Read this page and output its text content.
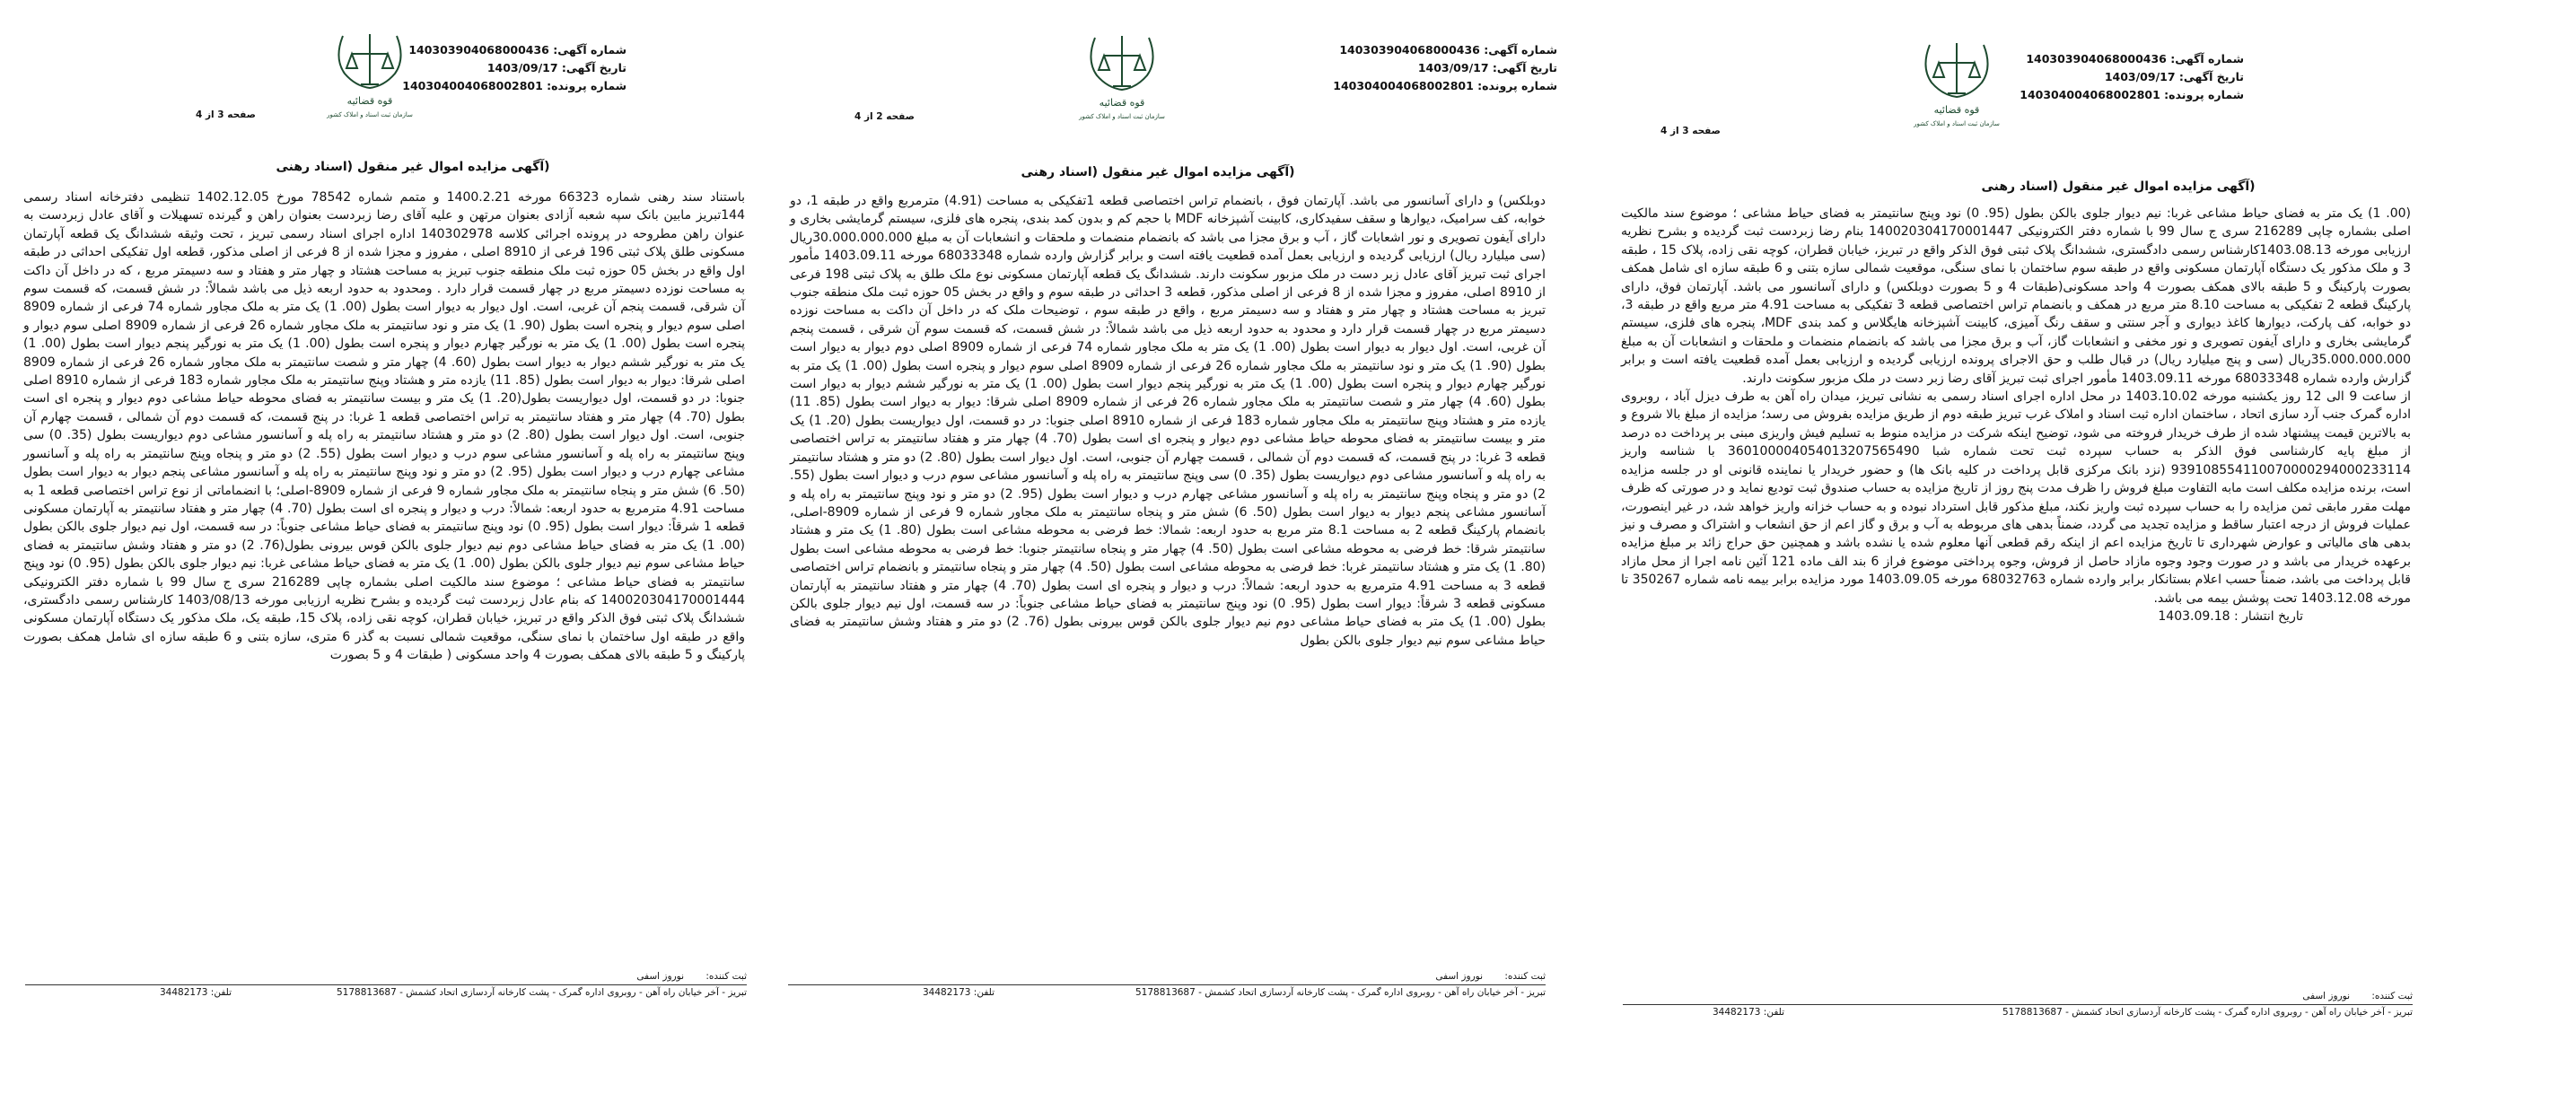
شماره آگهی: 140303904068000436
تاریخ آگهی: 1403/09/17
شماره پرونده: 140304004068002801
قوه قضائیه
سازمان ثبت اسناد و املاک کشور
صفحه 3 از 4
(آگهی مزایده اموال غیر منقول (اسناد رهنی
باستناد سند رهنی شماره 66323 مورخه 1400.2.21 و متمم شماره 78542 مورخ 1402.12.05 تنظیمی دفترخانه اسناد رسمی 144تبریز مابین بانک سپه شعبه آزادی بعنوان مرتهن و علیه آقای رضا زبردست بعنوان راهن و گیرنده تسهیلات و آقای عادل زبردست به عنوان راهن مطروحه در پرونده اجرائی کلاسه 140302978 اداره اجرای اسناد رسمی تبریز ، تحت وثیقه ششدانگ یک قطعه آپارتمان مسکونی طلق پلاک ثبتی 196 فرعی از 8910 اصلی ، مفروز و مجزا شده از 8 فرعی از اصلی مذکور، قطعه اول تفکیکی احداثی در طبقه اول واقع در بخش 05 حوزه ثبت ملک منطقه جنوب تبریز به مساحت هشتاد و چهار متر و هفتاد و سه دسیمتر مربع ، که در داخل آن داکت به مساحت نوزده دسیمتر مربع در چهار قسمت قرار دارد . ومحدود به حدود اربعه ذیل می باشد شمالاً: در شش قسمت، که قسمت سوم آن شرقی، قسمت پنجم آن غربی، است. اول دیوار به دیوار است بطول (00. 1) یک متر به ملک مجاور شماره 74 فرعی از شماره 8909 اصلی سوم دیوار و پنجره است بطول (90. 1) یک متر و نود سانتیمتر به ملک مجاور شماره 26 فرعی از شماره 8909 اصلی سوم دیوار و پنجره است بطول (00. 1) یک متر به نورگیر چهارم دیوار و پنجره است بطول (00. 1) یک متر به نورگیر پنجم دیوار است بطول (00. 1) یک متر به نورگیر ششم دیوار به دیوار است بطول (60. 4) چهار متر و شصت سانتیمتر به ملک مجاور شماره 26 فرعی از شماره 8909 اصلی شرقا: دیوار به دیوار است بطول (85. 11) یازده متر و هشتاد وپنج سانتیمتر به ملک مجاور شماره 183 فرعی از شماره 8910 اصلی جنوبا: در دو قسمت، اول دیواریست بطول(20. 1) یک متر و بیست سانتیمتر به فضای محوطه حیاط مشاعی دوم دیوار و پنجره ای است بطول (70. 4) چهار متر و هفتاد سانتیمتر به تراس اختصاصی قطعه 1 غربا: در پنج قسمت، که قسمت دوم آن شمالی ، قسمت چهارم آن جنوبی، است. اول دیوار است بطول (80. 2) دو متر و هشتاد سانتیمتر به راه پله و آسانسور مشاعی دوم دیواریست بطول (35. 0) سی وپنج سانتیمتر به راه پله و آسانسور مشاعی سوم درب و دیوار است بطول (55. 2) دو متر و پنجاه وپنج سانتیمتر به راه پله و آسانسور مشاعی چهارم درب و دیوار است بطول (95. 2) دو متر و نود وپنج سانتیمتر به راه پله و آسانسور مشاعی پنجم دیوار به دیوار است بطول (50. 6) شش متر و پنجاه سانتیمتر به ملک مجاور شماره 9 فرعی از شماره 8909-اصلی؛ با انضماماتی از نوع تراس اختصاصی قطعه 1 به مساحت 4.91 مترمربع به حدود اربعه: شمالاً: درب و دیوار و پنجره ای است بطول (70. 4) چهار متر و هفتاد سانتیمتر به آپارتمان مسکونی قطعه 1 شرقاً: دیوار است بطول (95. 0) نود وپنج سانتیمتر به فضای حیاط مشاعی جنوباً: در سه قسمت، اول نیم دیوار جلوی بالکن بطول (00. 1) یک متر به فضای حیاط مشاعی دوم نیم دیوار جلوی بالکن قوس بیرونی بطول(76. 2) دو متر و هفتاد وشش سانتیمتر به فضای حیاط مشاعی سوم نیم دیوار جلوی بالکن بطول (00. 1) یک متر به فضای حیاط مشاعی غربا: نیم دیوار جلوی بالکن بطول (95. 0) نود وپنج سانتیمتر به فضای حیاط مشاعی ؛ موضوع سند مالکیت اصلی بشماره چاپی 216289 سری ج سال 99 با شماره دفتر الکترونیکی 140020304170001444 که بنام عادل زبردست ثبت گردیده و بشرح نظریه ارزیابی مورخه 1403/08/13 کارشناس رسمی دادگستری، ششدانگ پلاک ثبتی فوق الذکر واقع در تبریز، خیابان قطران، کوچه نقی زاده، پلاک 15، طبقه یک، ملک مذکور یک دستگاه آپارتمان مسکونی واقع در طبقه اول ساختمان با نمای سنگی، موقعیت شمالی نسبت به گذر 6 متری، سازه بتنی و 6 طبقه سازه ای شامل همکف بصورت پارکینگ و 5 طبقه بالای همکف بصورت 4 واحد مسکونی ( طبقات 4 و 5 بصورت
ثبت کننده:
نوروز اسفی
تبریز - آخر خیابان راه آهن - روبروی اداره گمرک - پشت کارخانه آردسازی اتحاد کشمش - 5178813687
تلفن: 34482173
شماره آگهی: 140303904068000436
تاریخ آگهی: 1403/09/17
شماره پرونده: 140304004068002801
قوه قضائیه
سازمان ثبت اسناد و املاک کشور
صفحه 2 از 4
(آگهی مزایده اموال غیر منقول (اسناد رهنی
دوبلکس) و دارای آسانسور می باشد. آپارتمان فوق ، بانضمام تراس اختصاصی قطعه 1تفکیکی به مساحت (4.91) مترمربع واقع در طبقه 1، دو خوابه، کف سرامیک، دیوارها و سقف سفیدکاری، کابینت آشپزخانه MDF با حجم کم و بدون کمد بندی، پنجره های فلزی، سیستم گرمایشی بخاری و دارای آیفون تصویری و نور اشعابات گاز ، آب و برق مجزا می باشد که بانضمام منضمات و ملحقات و انشعابات آن به مبلغ 30.000.000.000ریال (سی میلیارد ریال) ارزیابی گردیده و ارزیابی بعمل آمده قطعیت یافته است و برابر گزارش وارده شماره 68033348 مورخه 1403.09.11 مأمور اجرای ثبت تبریز آقای عادل زبر دست در ملک مزبور سکونت دارند. ششدانگ یک قطعه آپارتمان مسکونی نوع ملک طلق به پلاک ثبتی 198 فرعی از 8910 اصلی، مفروز و مجزا شده از 8 فرعی از اصلی مذکور، قطعه 3 احداثی در طبقه سوم و واقع در بخش 05 حوزه ثبت ملک منطقه جنوب تبریز به مساحت هشتاد و چهار متر و هفتاد و سه دسیمتر مربع ، واقع در طبقه سوم ، توضیحات ملک که در داخل آن داکت به مساحت نوزده دسیمتر مربع در چهار قسمت قرار دارد و محدود به حدود اربعه ذیل می باشد شمالاً: در شش قسمت، که قسمت سوم آن شرقی ، قسمت پنجم آن غربی، است. اول دیوار به دیوار است بطول (00. 1) یک متر به ملک مجاور شماره 74 فرعی از شماره 8909 اصلی دوم دیوار به دیوار است بطول (90. 1) یک متر و نود سانتیمتر به ملک مجاور شماره 26 فرعی از شماره 8909 اصلی سوم دیوار و پنجره است بطول (00. 1) یک متر به نورگیر چهارم دیوار و پنجره است بطول (00. 1) یک متر به نورگیر پنجم دیوار است بطول (00. 1) یک متر به نورگیر ششم دیوار به دیوار است بطول (60. 4) چهار متر و شصت سانتیمتر به ملک مجاور شماره 26 فرعی از شماره 8909 اصلی شرقا: دیوار به دیوار است بطول (85. 11) یازده متر و هشتاد وپنج سانتیمتر به ملک مجاور شماره 183 فرعی از شماره 8910 اصلی جنوبا: در دو قسمت، اول دیواریست بطول (20. 1) یک متر و بیست سانتیمتر به فضای محوطه حیاط مشاعی دوم دیوار و پنجره ای است بطول (70. 4) چهار متر و هفتاد سانتیمتر به تراس اختصاصی قطعه 3 غربا: در پنج قسمت، که قسمت دوم آن شمالی ، قسمت چهارم آن جنوبی، است. اول دیوار است بطول (80. 2) دو متر و هشتاد سانتیمتر به راه پله و آسانسور مشاعی دوم دیواریست بطول (35. 0) سی وپنج سانتیمتر به راه پله و آسانسور مشاعی سوم درب و دیوار است بطول (55. 2) دو متر و پنجاه وپنج سانتیمتر به راه پله و آسانسور مشاعی چهارم درب و دیوار است بطول (95. 2) دو متر و نود وپنج سانتیمتر به راه پله و آسانسور مشاعی پنجم دیوار به دیوار است بطول (50. 6) شش متر و پنجاه سانتیمتر به ملک مجاور شماره 9 فرعی از شماره 8909-اصلی، بانضمام پارکینگ قطعه 2 به مساحت 8.1 متر مربع به حدود اربعه: شمالا: خط فرضی به محوطه مشاعی است بطول (80. 1) یک متر و هشتاد سانتیمتر شرقا: خط فرضی به محوطه مشاعی است بطول (50. 4) چهار متر و پنجاه سانتیمتر جنوبا: خط فرضی به محوطه مشاعی است بطول (80. 1) یک متر و هشتاد سانتیمتر غربا: خط فرضی به محوطه مشاعی است بطول (50. 4) چهار متر و پنجاه سانتیمتر و بانضمام تراس اختصاصی قطعه 3 به مساحت 4.91 مترمربع به حدود اربعه: شمالاً: درب و دیوار و پنجره ای است بطول (70. 4) چهار متر و هفتاد سانتیمتر به آپارتمان مسکونی قطعه 3 شرقاً: دیوار است بطول (95. 0) نود وپنج سانتیمتر به فضای حیاط مشاعی جنوباً: در سه قسمت، اول نیم دیوار جلوی بالکن بطول (00. 1) یک متر به فضای حیاط مشاعی دوم نیم دیوار جلوی بالکن قوس بیرونی بطول (76. 2) دو متر و هفتاد وشش سانتیمتر به فضای حیاط مشاعی سوم نیم دیوار جلوی بالکن بطول
ثبت کننده:
نوروز اسفی
تبریز - آخر خیابان راه آهن - روبروی اداره گمرک - پشت کارخانه آردسازی اتحاد کشمش - 5178813687
تلفن: 34482173
شماره آگهی: 140303904068000436
تاریخ آگهی: 1403/09/17
شماره پرونده: 140304004068002801
قوه قضائیه
سازمان ثبت اسناد و املاک کشور
صفحه 3 از 4
(آگهی مزایده اموال غیر منقول (اسناد رهنی
(00. 1) یک متر به فضای حیاط مشاعی غربا: نیم دیوار جلوی بالکن بطول (95. 0) نود وپنج سانتیمتر به فضای حیاط مشاعی ؛ موضوع سند مالکیت اصلی بشماره چاپی 216289 سری ج سال 99 با شماره دفتر الکترونیکی 140020304170001447 بنام رضا زبردست ثبت گردیده و بشرح نظریه ارزیابی مورخه 1403.08.13کارشناس رسمی دادگستری، ششدانگ پلاک ثبتی فوق الذکر واقع در تبریز، خیابان قطران، کوچه نقی زاده، پلاک 15 ، طبقه 3 و ملک مذکور یک دستگاه آپارتمان مسکونی واقع در طبقه سوم ساختمان با نمای سنگی، موقعیت شمالی سازه بتنی و 6 طبقه سازه ای شامل همکف بصورت پارکینگ و 5 طبقه بالای همکف بصورت 4 واحد مسکونی(طبقات 4 و 5 بصورت دوبلکس) و دارای آسانسور می باشد. آپارتمان فوق، دارای پارکینگ قطعه 2 تفکیکی به مساحت 8.10 متر مربع در همکف و بانضمام تراس اختصاصی قطعه 3 تفکیکی به مساحت 4.91 متر مربع واقع در طبقه 3، دو خوابه، کف پارکت، دیوارها کاغذ دیواری و آجر سنتی و سقف رنگ آمیزی، کابینت آشپزخانه هایگلاس و کمد بندی MDF، پنجره های فلزی، سیستم گرمایشی بخاری و دارای آیفون تصویری و نور مخفی و انشعابات گاز، آب و برق مجزا می باشد که بانضمام منضمات و ملحقات و انشعابات آن به مبلغ 35.000.000.000ریال (سی و پنج میلیارد ریال) در قبال طلب و حق الاجرای پرونده ارزیابی گردیده و ارزیابی بعمل آمده قطعیت یافته است و برابر گزارش وارده شماره 68033348 مورخه 1403.09.11 مأمور اجرای ثبت تبریز آقای رضا زبر دست در ملک مزبور سکونت دارند.
از ساعت 9 الی 12 روز یکشنبه مورخه 1403.10.02 در محل اداره اجرای اسناد رسمی به نشانی تبریز، میدان راه آهن به طرف دیزل آباد ، روبروی اداره گمرک جنب آرد سازی اتحاد ، ساختمان اداره ثبت اسناد و املاک غرب تبریز طبقه دوم از طریق مزایده بفروش می رسد؛ مزایده از مبلغ بالا شروع و به بالاترین قیمت پیشنهاد شده از طرف خریدار فروخته می شود، توضیح اینکه شرکت در مزایده منوط به تسلیم فیش واریزی مبنی بر پرداخت ده درصد از مبلغ پایه کارشناسی فوق الذکر به حساب سپرده ثبت تحت شماره شبا 360100004054013207565490 با شناسه واریز 939108554110070000294000233114 (نزد بانک مرکزی قابل پرداخت در کلیه بانک ها) و حضور خریدار یا نماینده قانونی او در جلسه مزایده است، برنده مزایده مکلف است مابه التفاوت مبلغ فروش را ظرف مدت پنج روز از تاریخ مزایده به حساب صندوق ثبت تودیع نماید و در صورتی که ظرف مهلت مقرر مابقی ثمن مزایده را به حساب سپرده ثبت واریز نکند، مبلغ مذکور قابل استرداد نبوده و به حساب خزانه واریز خواهد شد، در غیر اینصورت، عملیات فروش از درجه اعتبار ساقط و مزایده تجدید می گردد، ضمناً بدهی های مربوطه به آب و برق و گاز اعم از حق انشعاب و اشتراک و مصرف و نیز بدهی های مالیاتی و عوارض شهرداری تا تاریخ مزایده اعم از اینکه رقم قطعی آنها معلوم شده یا نشده باشد و همچنین حق حراج زائد بر مبلغ مزایده برعهده خریدار می باشد و در صورت وجود وجوه مازاد حاصل از فروش، وجوه پرداختی موضوع فراز 6 بند الف ماده 121 آئین نامه اجرا از محل مازاد قابل پرداخت می باشد، ضمناً حسب اعلام بستانکار برابر وارده شماره 68032763 مورخه 1403.09.05 مورد مزایده برابر بیمه نامه شماره 350267 تا مورخه 1403.12.08 تحت پوشش بیمه می باشد.
تاریخ انتشار : 1403.09.18
ثبت کننده:
نوروز اسفی
تبریز - آخر خیابان راه آهن - روبروی اداره گمرک - پشت کارخانه آردسازی اتحاد کشمش - 5178813687
تلفن: 34482173
